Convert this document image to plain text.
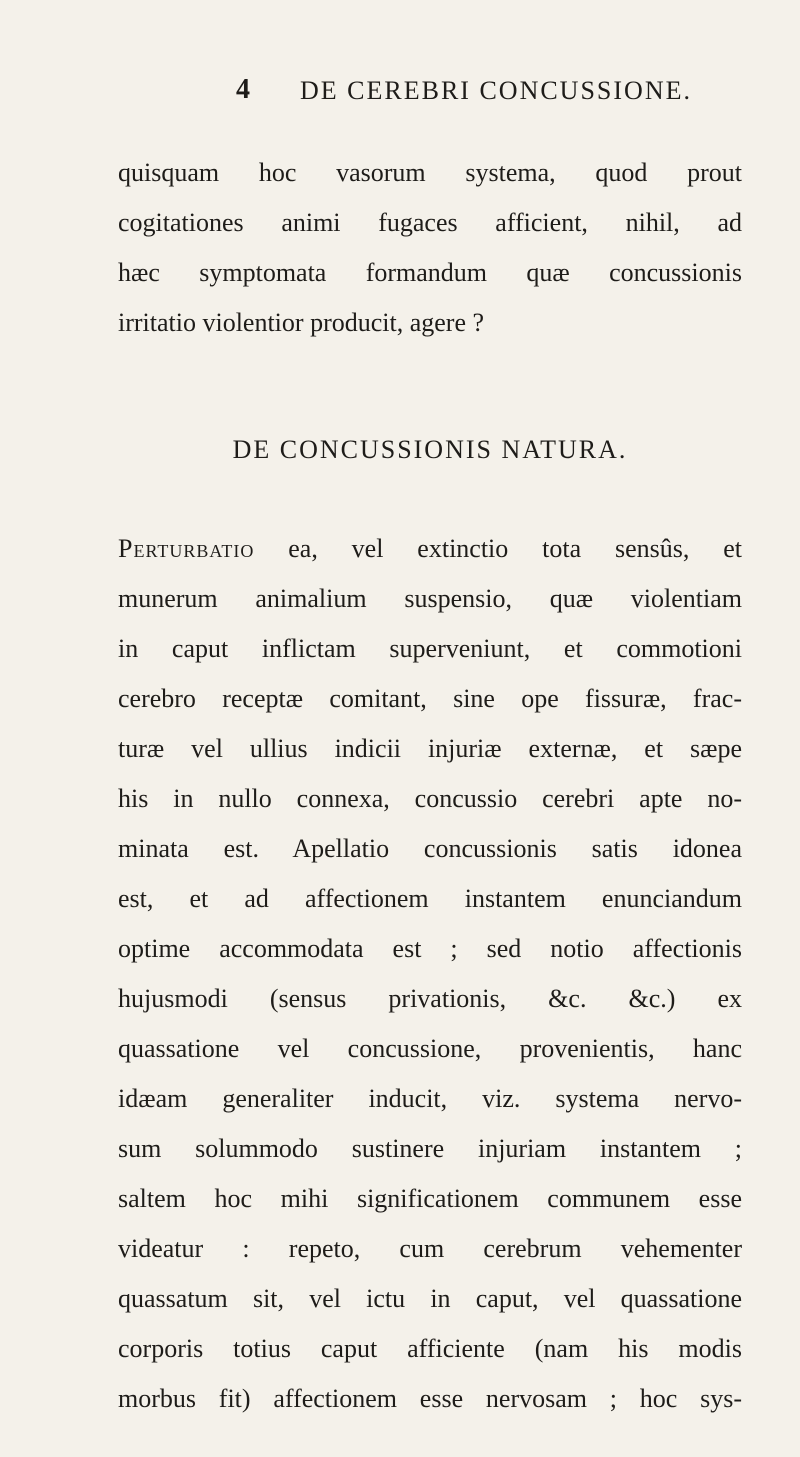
4 DE CEREBRI CONCUSSIONE.
quisquam hoc vasorum systema, quod prout
cogitationes animi fugaces afficient, nihil, ad
hæc symptomata formandum quæ concussionis
irritatio violentior producit, agere ?
DE CONCUSSIONIS NATURA.
Perturbatio ea, vel extinctio tota sensûs, et
munerum animalium suspensio, quæ violentiam
in caput inflictam superveniunt, et commotioni
cerebro receptæ comitant, sine ope fissuræ, frac-
turæ vel ullius indicii injuriæ externæ, et sæpe
his in nullo connexa, concussio cerebri apte no-
minata est. Apellatio concussionis satis idonea
est, et ad affectionem instantem enunciandum
optime accommodata est ; sed notio affectionis
hujusmodi (sensus privationis, &c. &c.) ex
quassatione vel concussione, provenientis, hanc
idæam generaliter inducit, viz. systema nervo-
sum solummodo sustinere injuriam instantem ;
saltem hoc mihi significationem communem esse
videatur : repeto, cum cerebrum vehementer
quassatum sit, vel ictu in caput, vel quassatione
corporis totius caput afficiente (nam his modis
morbus fit) affectionem esse nervosam ; hoc sys-
